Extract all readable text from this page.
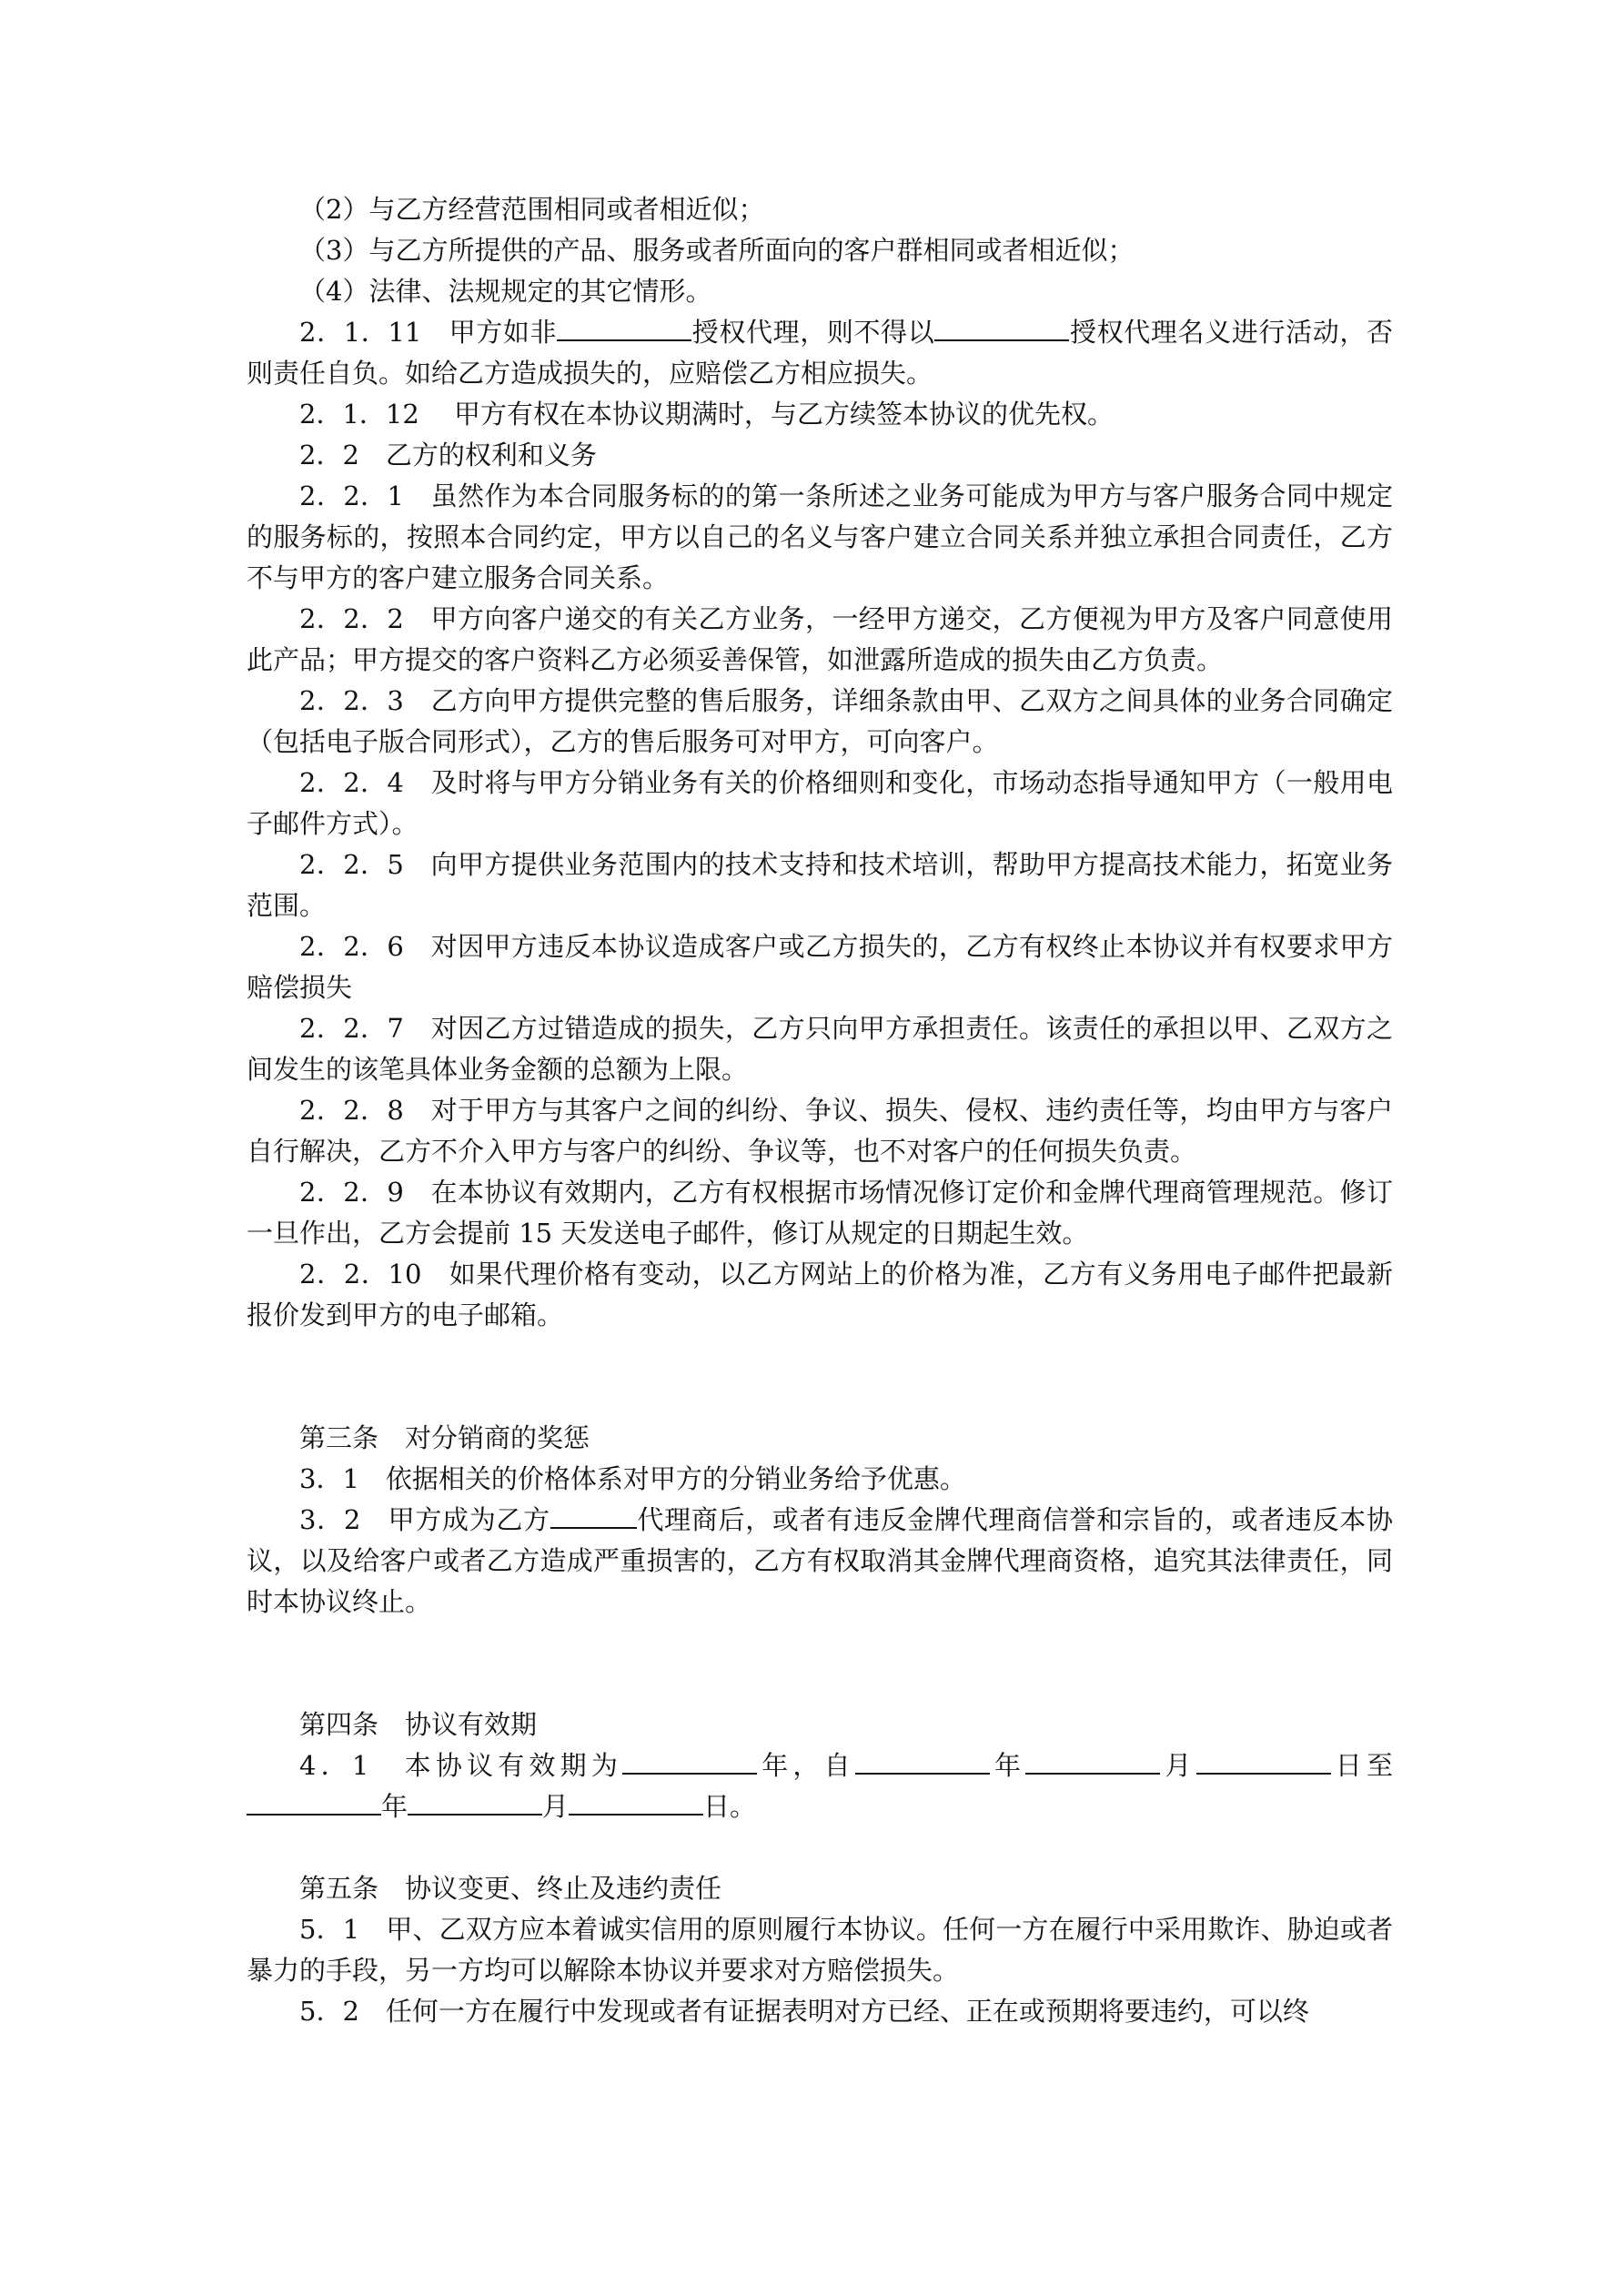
（2）与乙方经营范围相同或者相近似；

（3）与乙方所提供的产品、服务或者所面向的客户群相同或者相近似；

（4）法律、法规规定的其它情形。

2．1．11　甲方如非	授权代理，则不得以	授权代理名义进行活动，否则责任自负。如给乙方造成损失的，应赔偿乙方相应损失。

2．1．12　 甲方有权在本协议期满时，与乙方续签本协议的优先权。

2．2　乙方的权利和义务

2．2．1　虽然作为本合同服务标的的第一条所述之业务可能成为甲方与客户服务合同中规定的服务标的，按照本合同约定，甲方以自己的名义与客户建立合同关系并独立承担合同责任，乙方不与甲方的客户建立服务合同关系。

2．2．2　甲方向客户递交的有关乙方业务，一经甲方递交，乙方便视为甲方及客户同意使用此产品；甲方提交的客户资料乙方必须妥善保管，如泄露所造成的损失由乙方负责。

2．2．3　乙方向甲方提供完整的售后服务，详细条款由甲、乙双方之间具体的业务合同确定（包括电子版合同形式），乙方的售后服务可对甲方，可向客户。

2．2．4　及时将与甲方分销业务有关的价格细则和变化，市场动态指导通知甲方（一般用电子邮件方式）。

2．2．5　向甲方提供业务范围内的技术支持和技术培训，帮助甲方提高技术能力，拓宽业务范围。

2．2．6　对因甲方违反本协议造成客户或乙方损失的，乙方有权终止本协议并有权要求甲方赔偿损失

2．2．7　对因乙方过错造成的损失，乙方只向甲方承担责任。该责任的承担以甲、乙双方之间发生的该笔具体业务金额的总额为上限。

2．2．8　对于甲方与其客户之间的纠纷、争议、损失、侵权、违约责任等，均由甲方与客户自行解决，乙方不介入甲方与客户的纠纷、争议等，也不对客户的任何损失负责。

2．2．9　在本协议有效期内，乙方有权根据市场情况修订定价和金牌代理商管理规范。修订一旦作出，乙方会提前 15 天发送电子邮件，修订从规定的日期起生效。

2．2．10　如果代理价格有变动，以乙方网站上的价格为准，乙方有义务用电子邮件把最新报价发到甲方的电子邮箱。

第三条　对分销商的奖惩

3．1　依据相关的价格体系对甲方的分销业务给予优惠。

3．2　甲方成为乙方	代理商后，或者有违反金牌代理商信誉和宗旨的，或者违反本协议，以及给客户或者乙方造成严重损害的，乙方有权取消其金牌代理商资格，追究其法律责任，同时本协议终止。

第四条　协议有效期

4．1　本协议有效期为	年，自	年	月	日至年	月	日。

第五条　协议变更、终止及违约责任

5．1　甲、乙双方应本着诚实信用的原则履行本协议。任何一方在履行中采用欺诈、胁迫或者暴力的手段，另一方均可以解除本协议并要求对方赔偿损失。

5．2　任何一方在履行中发现或者有证据表明对方已经、正在或预期将要违约，可以终
